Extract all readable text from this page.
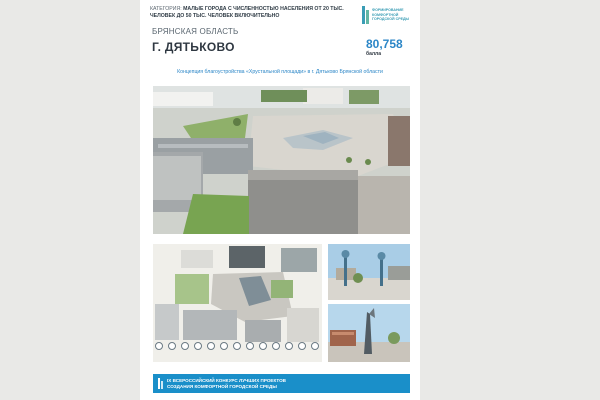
КАТЕГОРИЯ: МАЛЫЕ ГОРОДА С ЧИСЛЕННОСТЬЮ НАСЕЛЕНИЯ ОТ 20 ТЫС.
ЧЕЛОВЕК ДО 50 ТЫС. ЧЕЛОВЕК ВКЛЮЧИТЕЛЬНО
ФОРМИРОВАНИЕ
КОМФОРТНОЙ
ГОРОДСКОЙ СРЕДЫ
БРЯНСКАЯ ОБЛАСТЬ
Г. ДЯТЬКОВО	80,758
балла
Концепция благоустройства «Хрустальной площади» в г. Дятьково Брянской области
IX ВСЕРОССИЙСКИЙ КОНКУРС ЛУЧШИХ ПРОЕКТОВ
СОЗДАНИЯ КОМФОРТНОЙ ГОРОДСКОЙ СРЕДЫ
